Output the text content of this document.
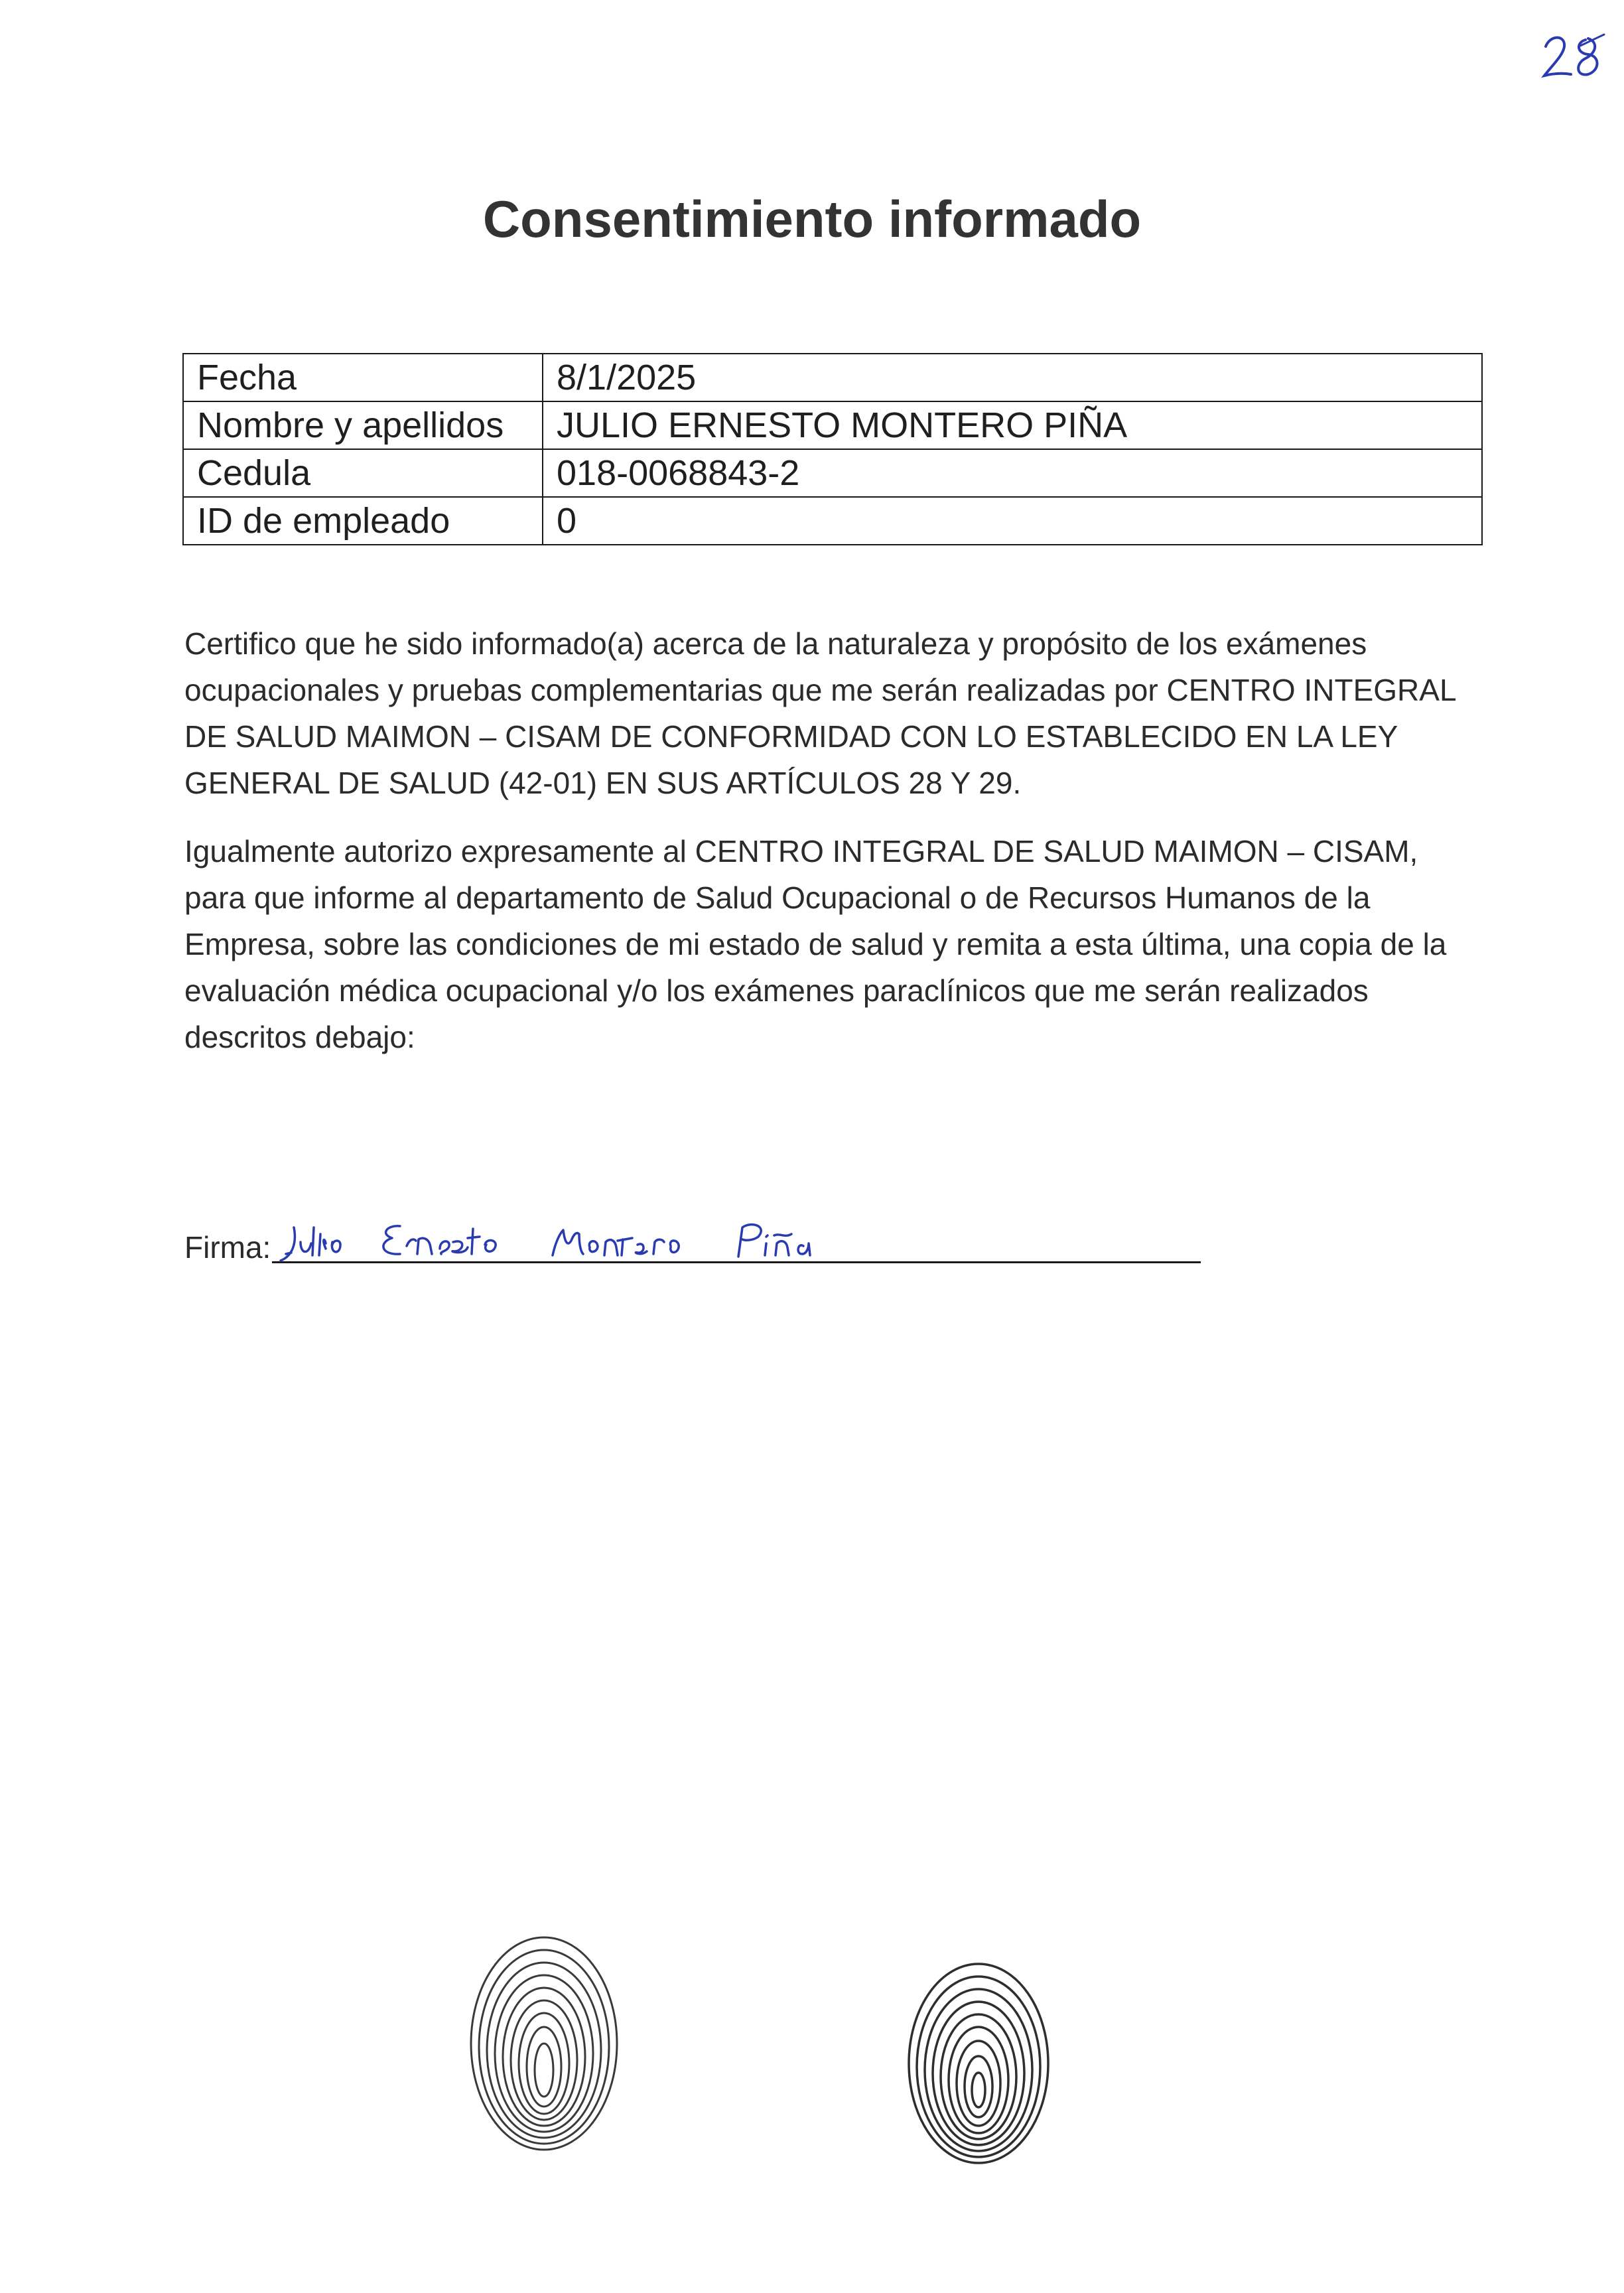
Consentimiento informado
Fecha	8/1/2025
Nombre y apellidos	JULIO ERNESTO MONTERO PIÑA
Cedula	018-0068843-2
ID de empleado	0

Certifico que he sido informado(a) acerca de la naturaleza y propósito de los exámenes ocupacionales y pruebas complementarias que me serán realizadas por CENTRO INTEGRAL DE SALUD MAIMON – CISAM DE CONFORMIDAD CON LO ESTABLECIDO EN LA LEY GENERAL DE SALUD (42-01) EN SUS ARTÍCULOS 28 Y 29.

Igualmente autorizo expresamente al CENTRO INTEGRAL DE SALUD MAIMON – CISAM, para que informe al departamento de Salud Ocupacional o de Recursos Humanos de la Empresa, sobre las condiciones de mi estado de salud y remita a esta última, una copia de la evaluación médica ocupacional y/o los exámenes paraclínicos que me serán realizados descritos debajo:

Firma:
